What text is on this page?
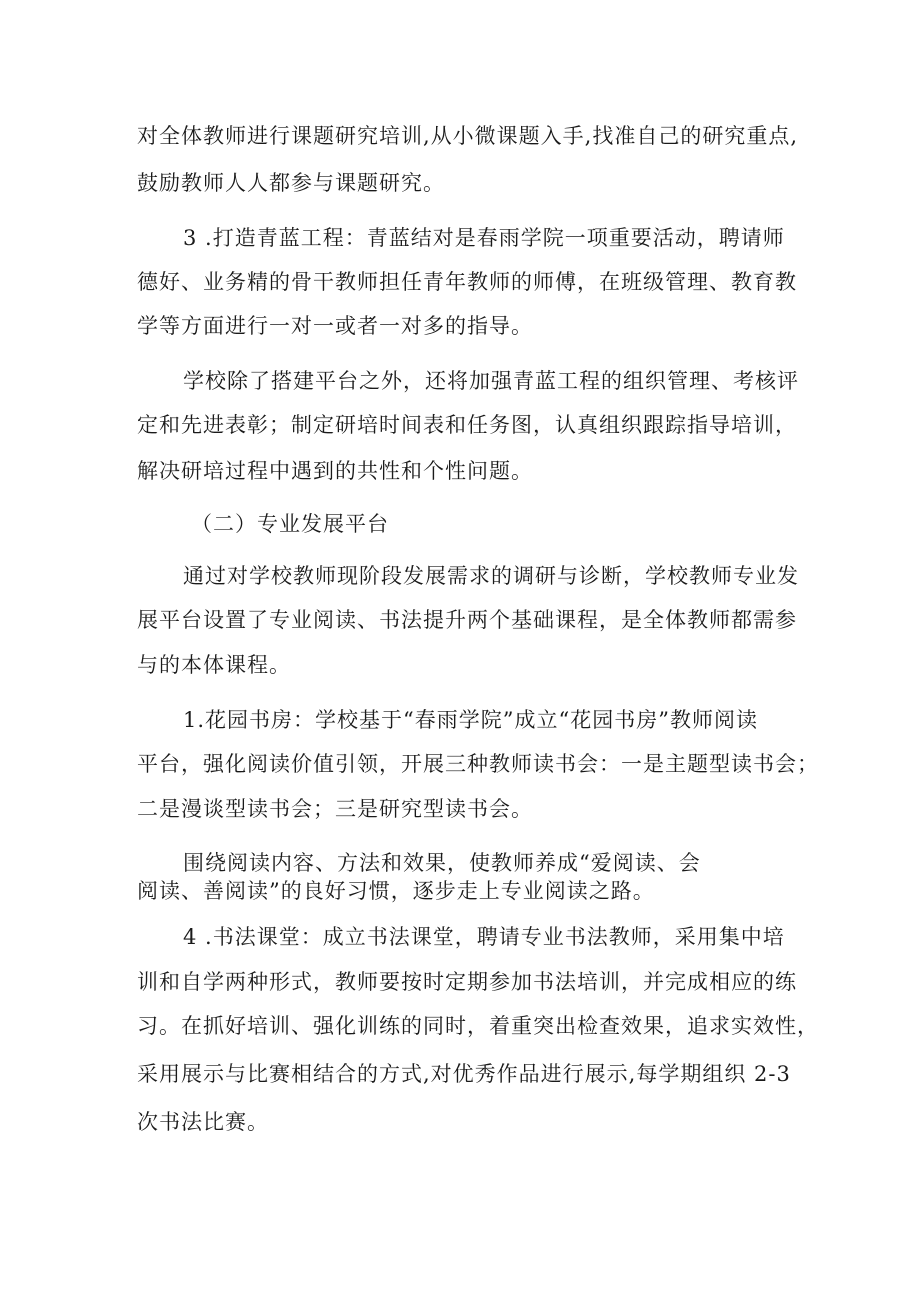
对全体教师进行课题研究培训,从小微课题入手,找准自己的研究重点,
鼓励教师人人都参与课题研究。
3 .打造青蓝工程：青蓝结对是春雨学院一项重要活动，聘请师
德好、业务精的骨干教师担任青年教师的师傅，在班级管理、教育教
学等方面进行一对一或者一对多的指导。
学校除了搭建平台之外，还将加强青蓝工程的组织管理、考核评
定和先进表彰；制定研培时间表和任务图，认真组织跟踪指导培训，
解决研培过程中遇到的共性和个性问题。
（二）专业发展平台
通过对学校教师现阶段发展需求的调研与诊断，学校教师专业发
展平台设置了专业阅读、书法提升两个基础课程，是全体教师都需参
与的本体课程。
1.花园书房：学校基于“春雨学院”成立“花园书房”教师阅读
平台，强化阅读价值引领，开展三种教师读书会：一是主题型读书会；
二是漫谈型读书会；三是研究型读书会。
围绕阅读内容、方法和效果，使教师养成“爱阅读、会
阅读、善阅读”的良好习惯，逐步走上专业阅读之路。
4 .书法课堂：成立书法课堂，聘请专业书法教师，采用集中培
训和自学两种形式，教师要按时定期参加书法培训，并完成相应的练
习。在抓好培训、强化训练的同时，着重突出检查效果，追求实效性，
采用展示与比赛相结合的方式,对优秀作品进行展示,每学期组织 2-3
次书法比赛。
